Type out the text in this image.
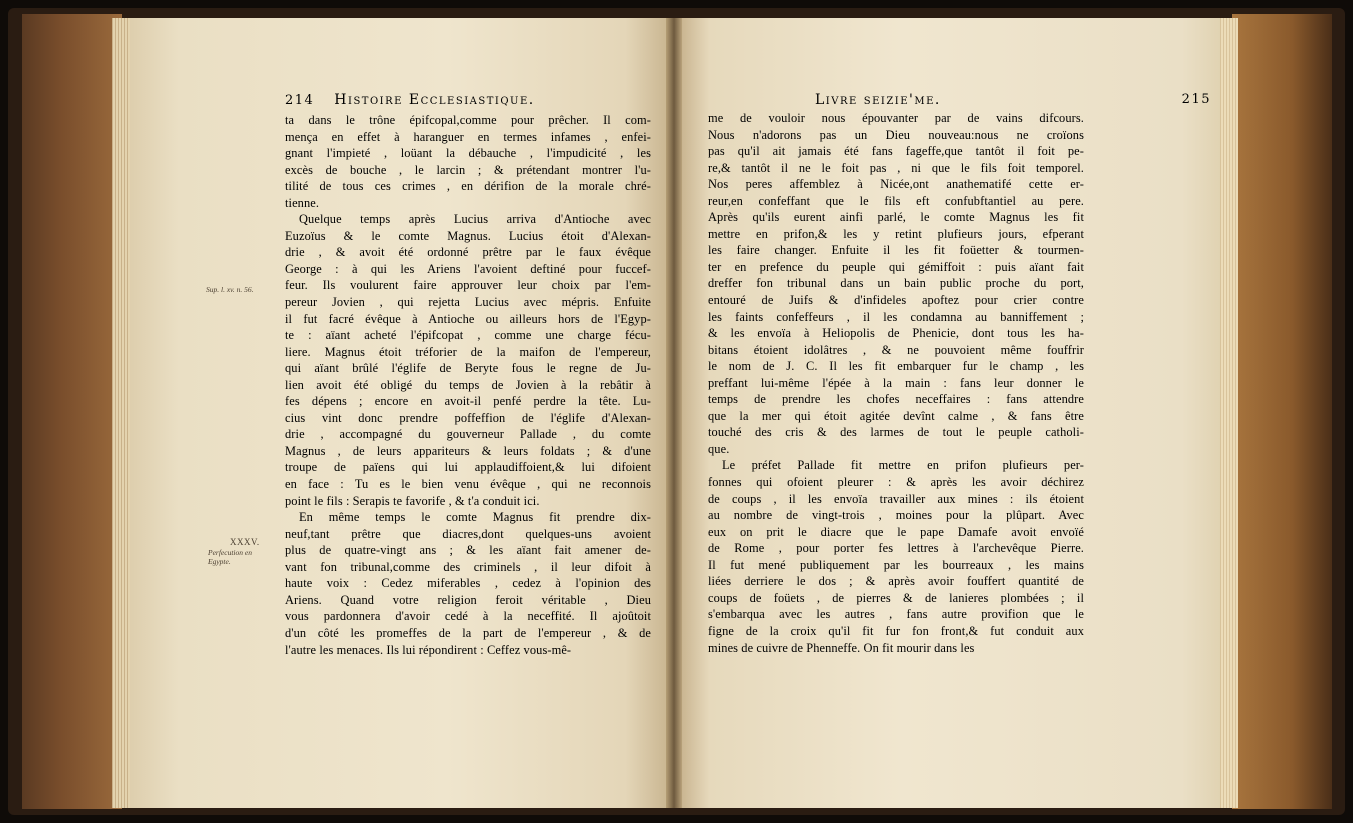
214 Histoire Ecclesiastique.
Sup. l. xv. n. 56.
XXXV.
Perfecution en
Egypte.
ta dans le trône épifcopal,comme pour prêcher. Il com-
mença en effet à haranguer en termes infames , enfei-
gnant l'impieté , loüant la débauche , l'impudicité , les
excès de bouche , le larcin ; & prétendant montrer l'u-
tilité de tous ces crimes , en dérifion de la morale chré-
tienne.
Quelque temps après Lucius arriva d'Antioche avec
Euzoïus & le comte Magnus. Lucius étoit d'Alexan-
drie , & avoit été ordonné prêtre par le faux évêque
George : à qui les Ariens l'avoient deftiné pour fuccef-
feur. Ils voulurent faire approuver leur choix par l'em-
pereur Jovien , qui rejetta Lucius avec mépris. Enfuite
il fut facré évêque à Antioche ou ailleurs hors de l'Egyp-
te : aïant acheté l'épifcopat , comme une charge fécu-
liere. Magnus étoit tréforier de la maifon de l'empereur,
qui aïant brûlé l'églife de Beryte fous le regne de Ju-
lien avoit été obligé du temps de Jovien à la rebâtir à
fes dépens ; encore en avoit-il penfé perdre la tête. Lu-
cius vint donc prendre poffeffion de l'églife d'Alexan-
drie , accompagné du gouverneur Pallade , du comte
Magnus , de leurs appariteurs & leurs foldats ; & d'une
troupe de païens qui lui applaudiffoient,& lui difoient
en face : Tu es le bien venu évêque , qui ne reconnois
point le fils : Serapis te favorife , & t'a conduit ici.
En même temps le comte Magnus fit prendre dix-
neuf,tant prêtre que diacres,dont quelques-uns avoient
plus de quatre-vingt ans ; & les aïant fait amener de-
vant fon tribunal,comme des criminels , il leur difoit à
haute voix : Cedez miferables , cedez à l'opinion des
Ariens. Quand votre religion feroit véritable , Dieu
vous pardonnera d'avoir cedé à la neceffité. Il ajoûtoit
d'un côté les promeffes de la part de l'empereur , & de
l'autre les menaces. Ils lui répondirent : Ceffez vous-mê-
Livre seizie'me.	215
me de vouloir nous épouvanter par de vains difcours.
Nous n'adorons pas un Dieu nouveau:nous ne croïons
pas qu'il ait jamais été fans fageffe,que tantôt il foit pe-
re,& tantôt il ne le foit pas , ni que le fils foit temporel.
Nos peres affemblez à Nicée,ont anathematifé cette er-
reur,en confeffant que le fils eft confubftantiel au pere.
Après qu'ils eurent ainfi parlé, le comte Magnus les fit
mettre en prifon,& les y retint plufieurs jours, efperant
les faire changer. Enfuite il les fit foüetter & tourmen-
ter en prefence du peuple qui gémiffoit : puis aïant fait
dreffer fon tribunal dans un bain public proche du port,
entouré de Juifs & d'infideles apoftez pour crier contre
les faints confeffeurs , il les condamna au banniffement ;
& les envoïa à Heliopolis de Phenicie, dont tous les ha-
bitans étoient idolâtres , & ne pouvoient même fouffrir
le nom de J. C. Il les fit embarquer fur le champ , les
preffant lui-même l'épée à la main : fans leur donner le
temps de prendre les chofes neceffaires : fans attendre
que la mer qui étoit agitée devînt calme , & fans être
touché des cris & des larmes de tout le peuple catholi-
que.
Le préfet Pallade fit mettre en prifon plufieurs per-
fonnes qui ofoient pleurer : & après les avoir déchirez
de coups , il les envoïa travailler aux mines : ils étoient
au nombre de vingt-trois , moines pour la plûpart. Avec
eux on prit le diacre que le pape Damafe avoit envoïé
de Rome , pour porter fes lettres à l'archevêque Pierre.
Il fut mené publiquement par les bourreaux , les mains
liées derriere le dos ; & après avoir fouffert quantité de
coups de foüets , de pierres & de lanieres plombées ; il
s'embarqua avec les autres , fans autre provifion que le
figne de la croix qu'il fit fur fon front,& fut conduit aux
mines de cuivre de Phenneffe. On fit mourir dans les
